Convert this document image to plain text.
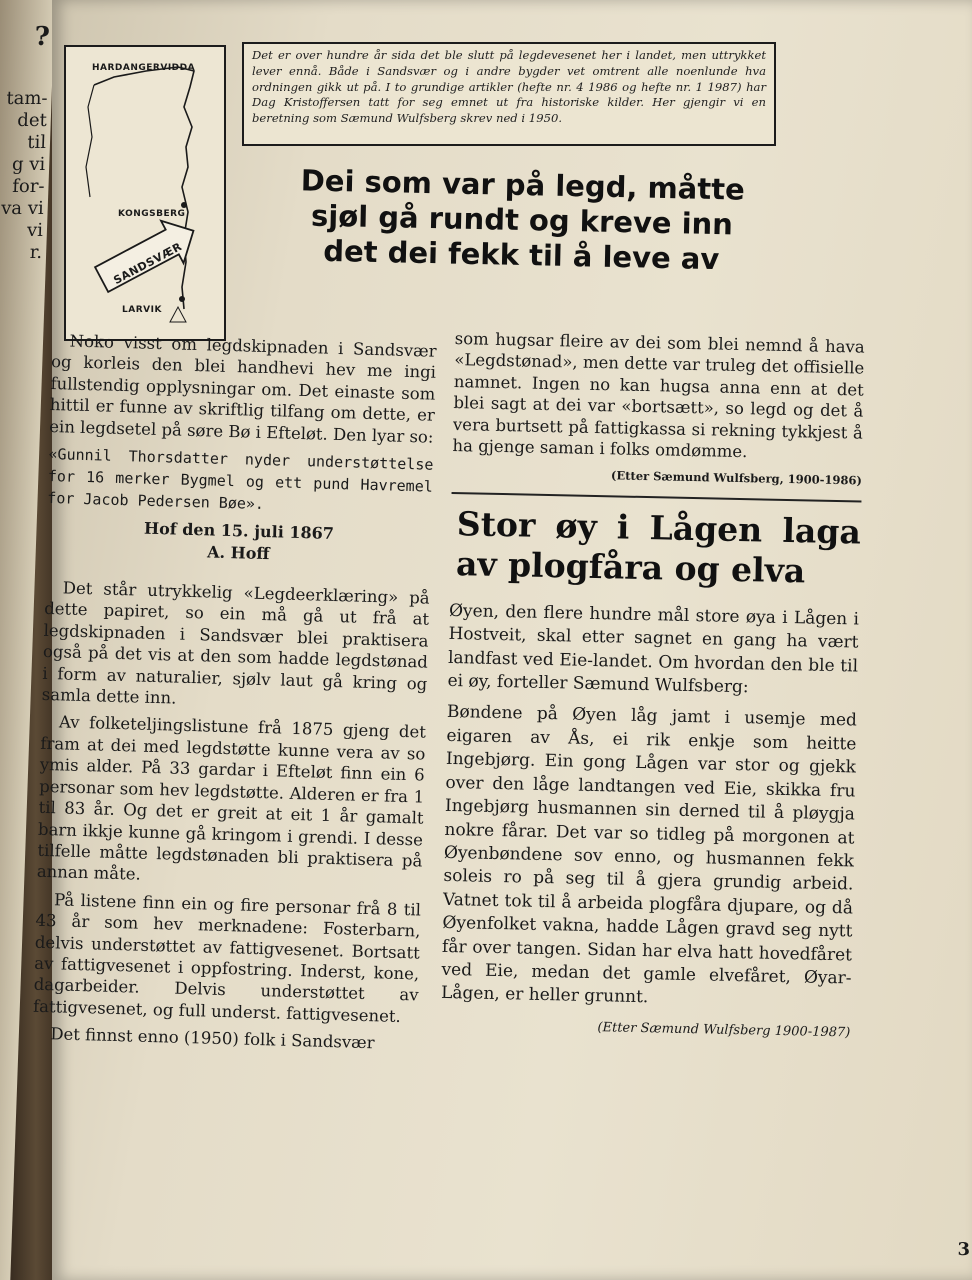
?
tam-
det
til
g vi
for-
va vi
vi
r.
HARDANGERVIDDA
KONGSBERG
SANDSVÆR
LARVIK
Det er over hundre år sida det ble slutt på legdevesenet her i landet, men uttrykket lever ennå. Både i Sandsvær og i andre bygder vet omtrent alle noenlunde hva ordningen gikk ut på. I to grundige artikler (hefte nr. 4 1986 og hefte nr. 1 1987) har Dag Kristoffersen tatt for seg emnet ut fra historiske kilder. Her gjengir vi en beretning som Sæmund Wulfsberg skrev ned i 1950.
Dei som var på legd, måtte
sjøl gå rundt og kreve inn
det dei fekk til å leve av

Noko visst om legdskipnaden i Sandsvær og korleis den blei handhevi hev me ingi fullstendig opplysningar om. Det einaste som hittil er funne av skriftlig tilfang om dette, er ein legdsetel på søre Bø i Efteløt. Den lyar so:

«Gunnil Thorsdatter nyder understøttelse for 16 merker Bygmel og ett pund Havremel for Jacob Pedersen Bøe».

Hof den 15. juli 1867
A. Hoff

Det står utrykkelig «Legdeerklæring» på dette papiret, so ein må gå ut frå at legdskipnaden i Sandsvær blei praktisera også på det vis at den som hadde legdstønad i form av naturalier, sjølv laut gå kring og samla dette inn.

Av folketeljingslistune frå 1875 gjeng det fram at dei med legdstøtte kunne vera av so ymis alder. På 33 gardar i Efteløt finn ein 6 personar som hev legdstøtte. Alderen er fra 1 til 83 år. Og det er greit at eit 1 år gamalt barn ikkje kunne gå kringom i grendi. I desse tilfelle måtte legdstønaden bli praktisera på annan måte.

På listene finn ein og fire personar frå 8 til 43 år som hev merknadene: Fosterbarn, delvis understøttet av fattigvesenet. Bortsatt av fattigvesenet i oppfostring. Inderst, kone, dagarbeider. Delvis understøttet av fattigvesenet, og full underst. fattigvesenet.

Det finnst enno (1950) folk i Sandsvær

som hugsar fleire av dei som blei nemnd å hava «Legdstønad», men dette var truleg det offisielle namnet. Ingen no kan hugsa anna enn at det blei sagt at dei var «bortsætt», so legd og det å vera burtsett på fattigkassa si rekning tykkjest å ha gjenge saman i folks omdømme.

(Etter Sæmund Wulfsberg, 1900-1986)
Stor øy i Lågen laga av plogfåra og elva

Øyen, den flere hundre mål store øya i Lågen i Hostveit, skal etter sagnet en gang ha vært landfast ved Eie-landet. Om hvordan den ble til ei øy, forteller Sæmund Wulfsberg:

Bøndene på Øyen låg jamt i usemje med eigaren av Ås, ei rik enkje som heitte Ingebjørg. Ein gong Lågen var stor og gjekk over den låge landtangen ved Eie, skikka fru Ingebjørg husmannen sin derned til å pløygja nokre fårar. Det var so tidleg på morgonen at Øyenbøndene sov enno, og husmannen fekk soleis ro på seg til å gjera grundig arbeid. Vatnet tok til å arbeida plogfåra djupare, og då Øyenfolket vakna, hadde Lågen gravd seg nytt får over tangen. Sidan har elva hatt hovedfåret ved Eie, medan det gamle elvefåret, Øyar-Lågen, er heller grunnt.

(Etter Sæmund Wulfsberg 1900-1987)
3
